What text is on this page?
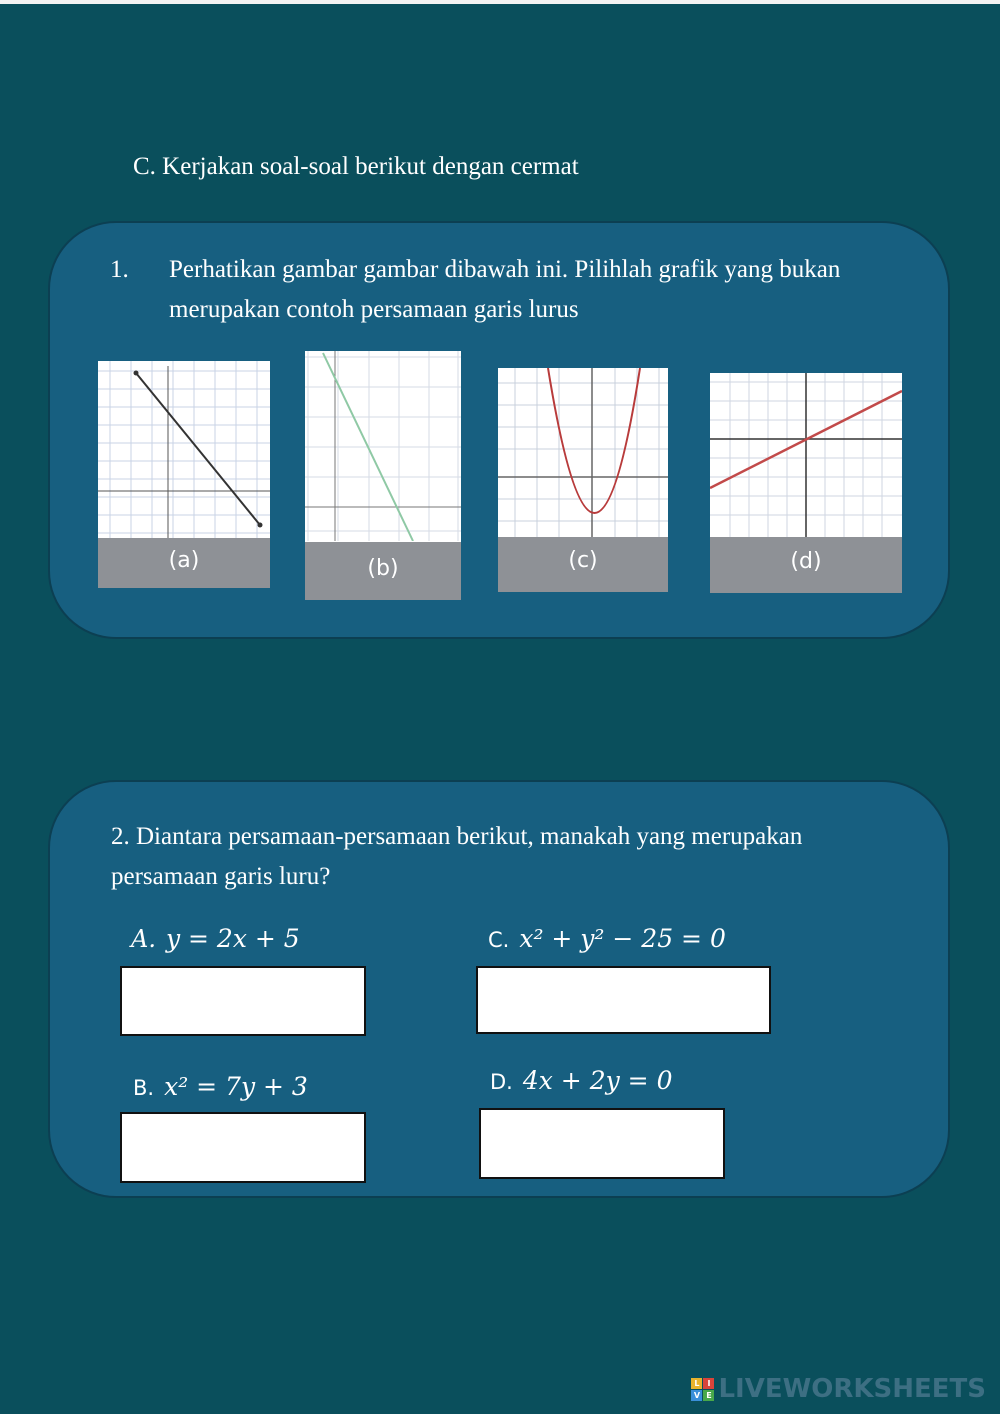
C. Kerjakan soal-soal berikut dengan cermat
1. Perhatikan gambar gambar dibawah ini. Pilihlah grafik yang bukan merupakan contoh persamaan garis lurus
(a)	(b)	(c)	(d)
2. Diantara persamaan-persamaan berikut, manakah yang merupakan persamaan garis luru?
A. y = 2x + 5	C. x² + y² − 25 = 0
B. x² = 7y + 3	D. 4x + 2y = 0
L I
V E LIVEWORKSHEETS
